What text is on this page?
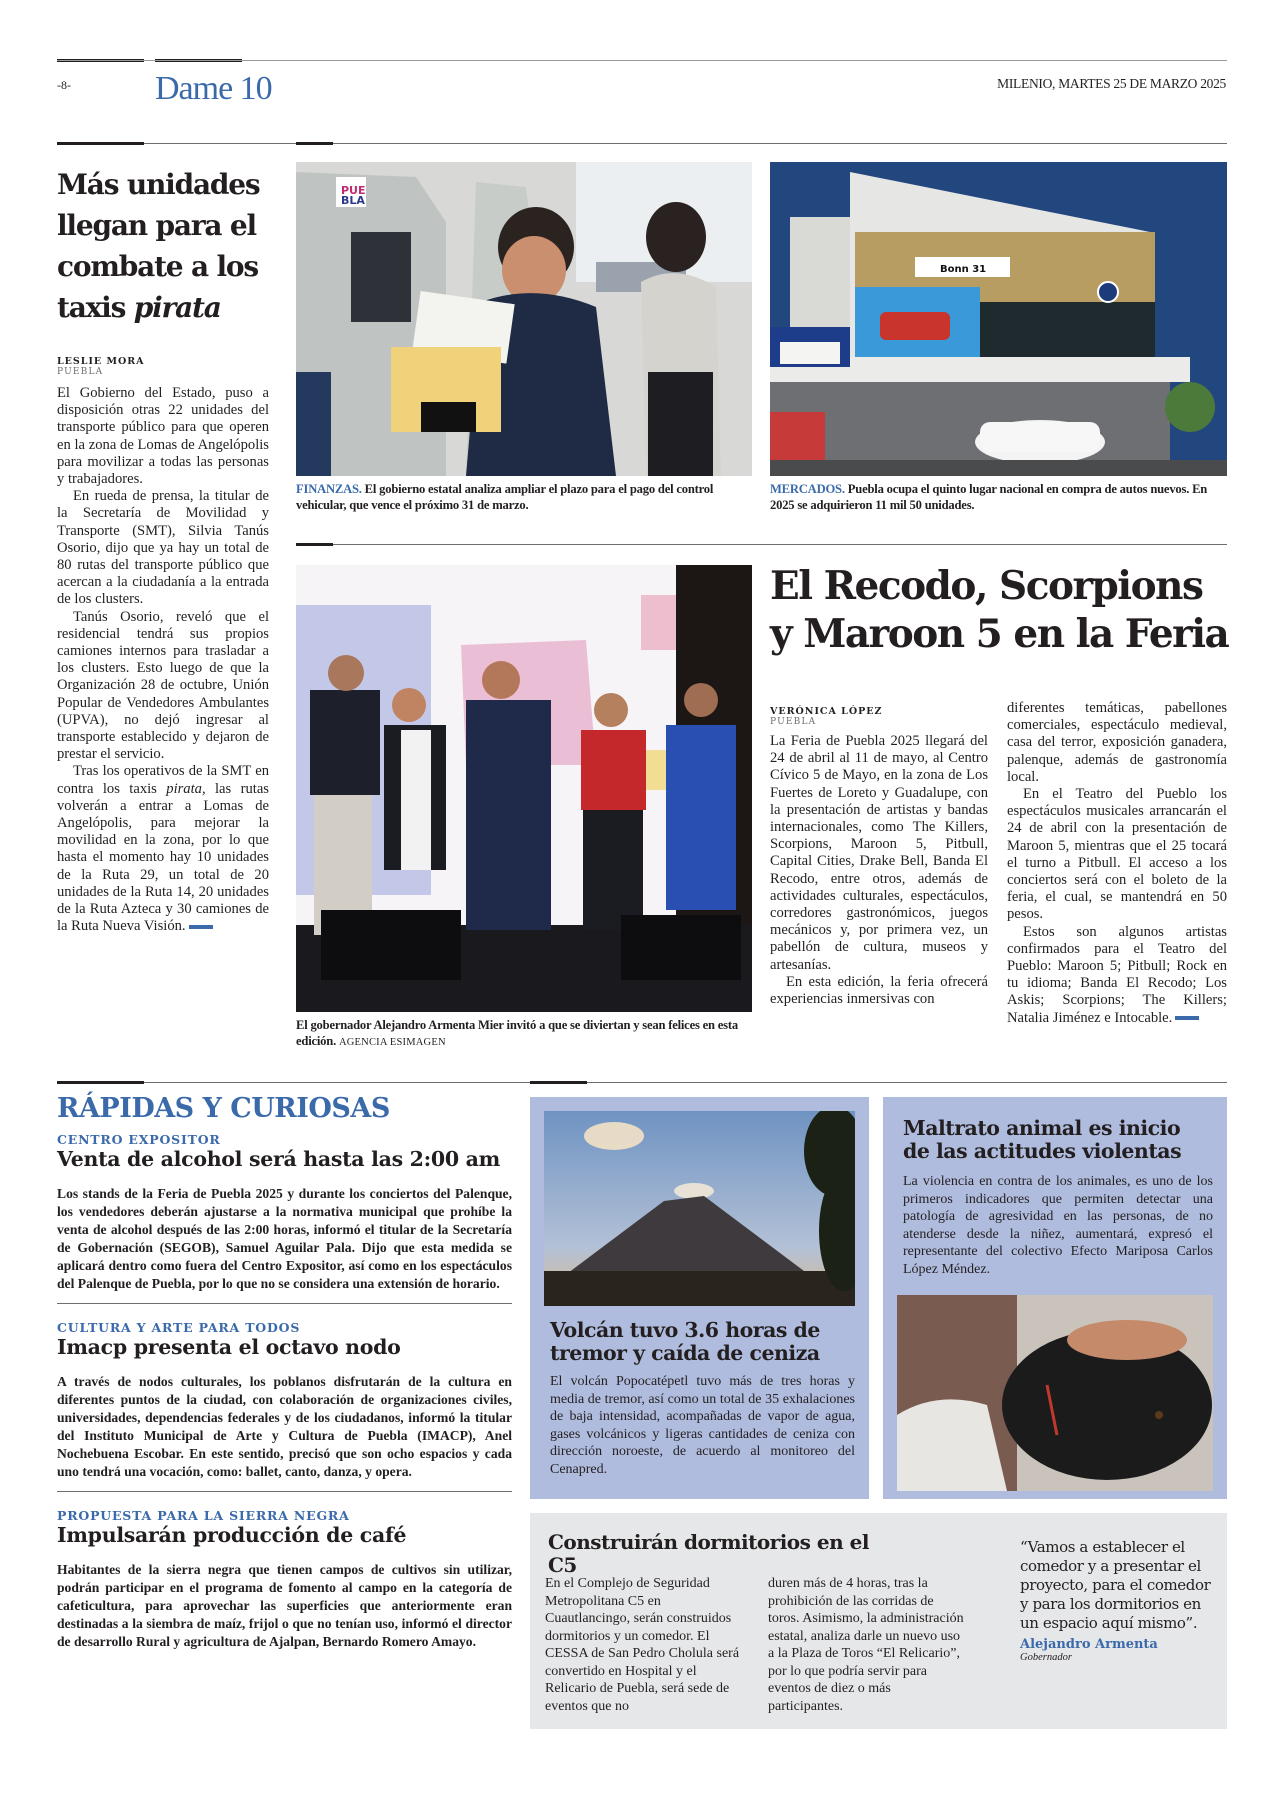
-8- Dame 10	MILENIO, MARTES 25 DE MARZO 2025
Más unidades llegan para el combate a los taxis pirata
LESLIE MORA
PUEBLA

El Gobierno del Estado, puso a disposición otras 22 unidades del transporte público para que operen en la zona de Lomas de Angelópolis para movilizar a todas las personas y trabajadores.

En rueda de prensa, la titular de la Secretaría de Movilidad y Transporte (SMT), Silvia Tanús Osorio, dijo que ya hay un total de 80 rutas del transporte público que acercan a la ciudadanía a la entrada de los clusters.

Tanús Osorio, reveló que el residencial tendrá sus propios camiones internos para trasladar a los clusters. Esto luego de que la Organización 28 de octubre, Unión Popular de Vendedores Ambulantes (UPVA), no dejó ingresar al transporte establecido y dejaron de prestar el servicio.

Tras los operativos de la SMT en contra los taxis pirata, las rutas volverán a entrar a Lomas de Angelópolis, para mejorar la movilidad en la zona, por lo que hasta el momento hay 10 unidades de la Ruta 29, un total de 20 unidades de la Ruta 14, 20 unidades de la Ruta Azteca y 30 camiones de la Ruta Nueva Visión.

PUE
BLA
FINANZAS. El gobierno estatal analiza ampliar el plazo para el pago del control vehicular, que vence el próximo 31 de marzo.
Bonn 31
MERCADOS. Puebla ocupa el quinto lugar nacional en compra de autos nuevos. En 2025 se adquirieron 11 mil 50 unidades.
El gobernador Alejandro Armenta Mier invitó a que se diviertan y sean felices en esta edición. AGENCIA ESIMAGEN
El Recodo, Scorpions y Maroon 5 en la Feria
VERÓNICA LÓPEZ
PUEBLA

La Feria de Puebla 2025 llegará del 24 de abril al 11 de mayo, al Centro Cívico 5 de Mayo, en la zona de Los Fuertes de Loreto y Guadalupe, con la presentación de artistas y bandas internacionales, como The Killers, Scorpions, Maroon 5, Pitbull, Capital Cities, Drake Bell, Banda El Recodo, entre otros, además de actividades culturales, espectáculos, corredores gastronómicos, juegos mecánicos y, por primera vez, un pabellón de cultura, museos y artesanías.

En esta edición, la feria ofrecerá experiencias inmersivas con

diferentes temáticas, pabellones comerciales, espectáculo medieval, casa del terror, exposición ganadera, palenque, además de gastronomía local.

En el Teatro del Pueblo los espectáculos musicales arrancarán el 24 de abril con la presentación de Maroon 5, mientras que el 25 tocará el turno a Pitbull. El acceso a los conciertos será con el boleto de la feria, el cual, se mantendrá en 50 pesos.

Estos son algunos artistas confirmados para el Teatro del Pueblo: Maroon 5; Pitbull; Rock en tu idioma; Banda El Recodo; Los Askis; Scorpions; The Killers; Natalia Jiménez e Intocable.

RÁPIDAS Y CURIOSAS
CENTRO EXPOSITOR
Venta de alcohol será hasta las 2:00 am
Los stands de la Feria de Puebla 2025 y durante los conciertos del Palenque, los vendedores deberán ajustarse a la normativa municipal que prohíbe la venta de alcohol después de las 2:00 horas, informó el titular de la Secretaría de Gobernación (SEGOB), Samuel Aguilar Pala. Dijo que esta medida se aplicará dentro como fuera del Centro Expositor, así como en los espectáculos del Palenque de Puebla, por lo que no se considera una extensión de horario.
CULTURA Y ARTE PARA TODOS
Imacp presenta el octavo nodo
A través de nodos culturales, los poblanos disfrutarán de la cultura en diferentes puntos de la ciudad, con colaboración de organizaciones civiles, universidades, dependencias federales y de los ciudadanos, informó la titular del Instituto Municipal de Arte y Cultura de Puebla (IMACP), Anel Nochebuena Escobar. En este sentido, precisó que son ocho espacios y cada uno tendrá una vocación, como: ballet, canto, danza, y opera.
PROPUESTA PARA LA SIERRA NEGRA
Impulsarán producción de café
Habitantes de la sierra negra que tienen campos de cultivos sin utilizar, podrán participar en el programa de fomento al campo en la categoría de cafeticultura, para aprovechar las superficies que anteriormente eran destinadas a la siembra de maíz, frijol o que no tenían uso, informó el director de desarrollo Rural y agricultura de Ajalpan, Bernardo Romero Amayo.
Volcán tuvo 3.6 horas de tremor y caída de ceniza
El volcán Popocatépetl tuvo más de tres horas y media de tremor, así como un total de 35 exhalaciones de baja intensidad, acompañadas de vapor de agua, gases volcánicos y ligeras cantidades de ceniza con dirección noroeste, de acuerdo al monitoreo del Cenapred.
Maltrato animal es inicio de las actitudes violentas
La violencia en contra de los animales, es uno de los primeros indicadores que permiten detectar una patología de agresividad en las personas, de no atenderse desde la niñez, aumentará, expresó el representante del colectivo Efecto Mariposa Carlos López Méndez.
Construirán dormitorios en el C5
En el Complejo de Seguridad Metropolitana C5 en Cuautlancingo, serán construidos dormitorios y un comedor. El CESSA de San Pedro Cholula será convertido en Hospital y el Relicario de Puebla, será sede de eventos que no
duren más de 4 horas, tras la prohibición de las corridas de toros. Asimismo, la administración estatal, analiza darle un nuevo uso a la Plaza de Toros “El Relicario”, por lo que podría servir para eventos de diez o más participantes.
“Vamos a establecer el comedor y a presentar el proyecto, para el comedor y para los dormitorios en un espacio aquí mismo”.
Alejandro Armenta
Gobernador
